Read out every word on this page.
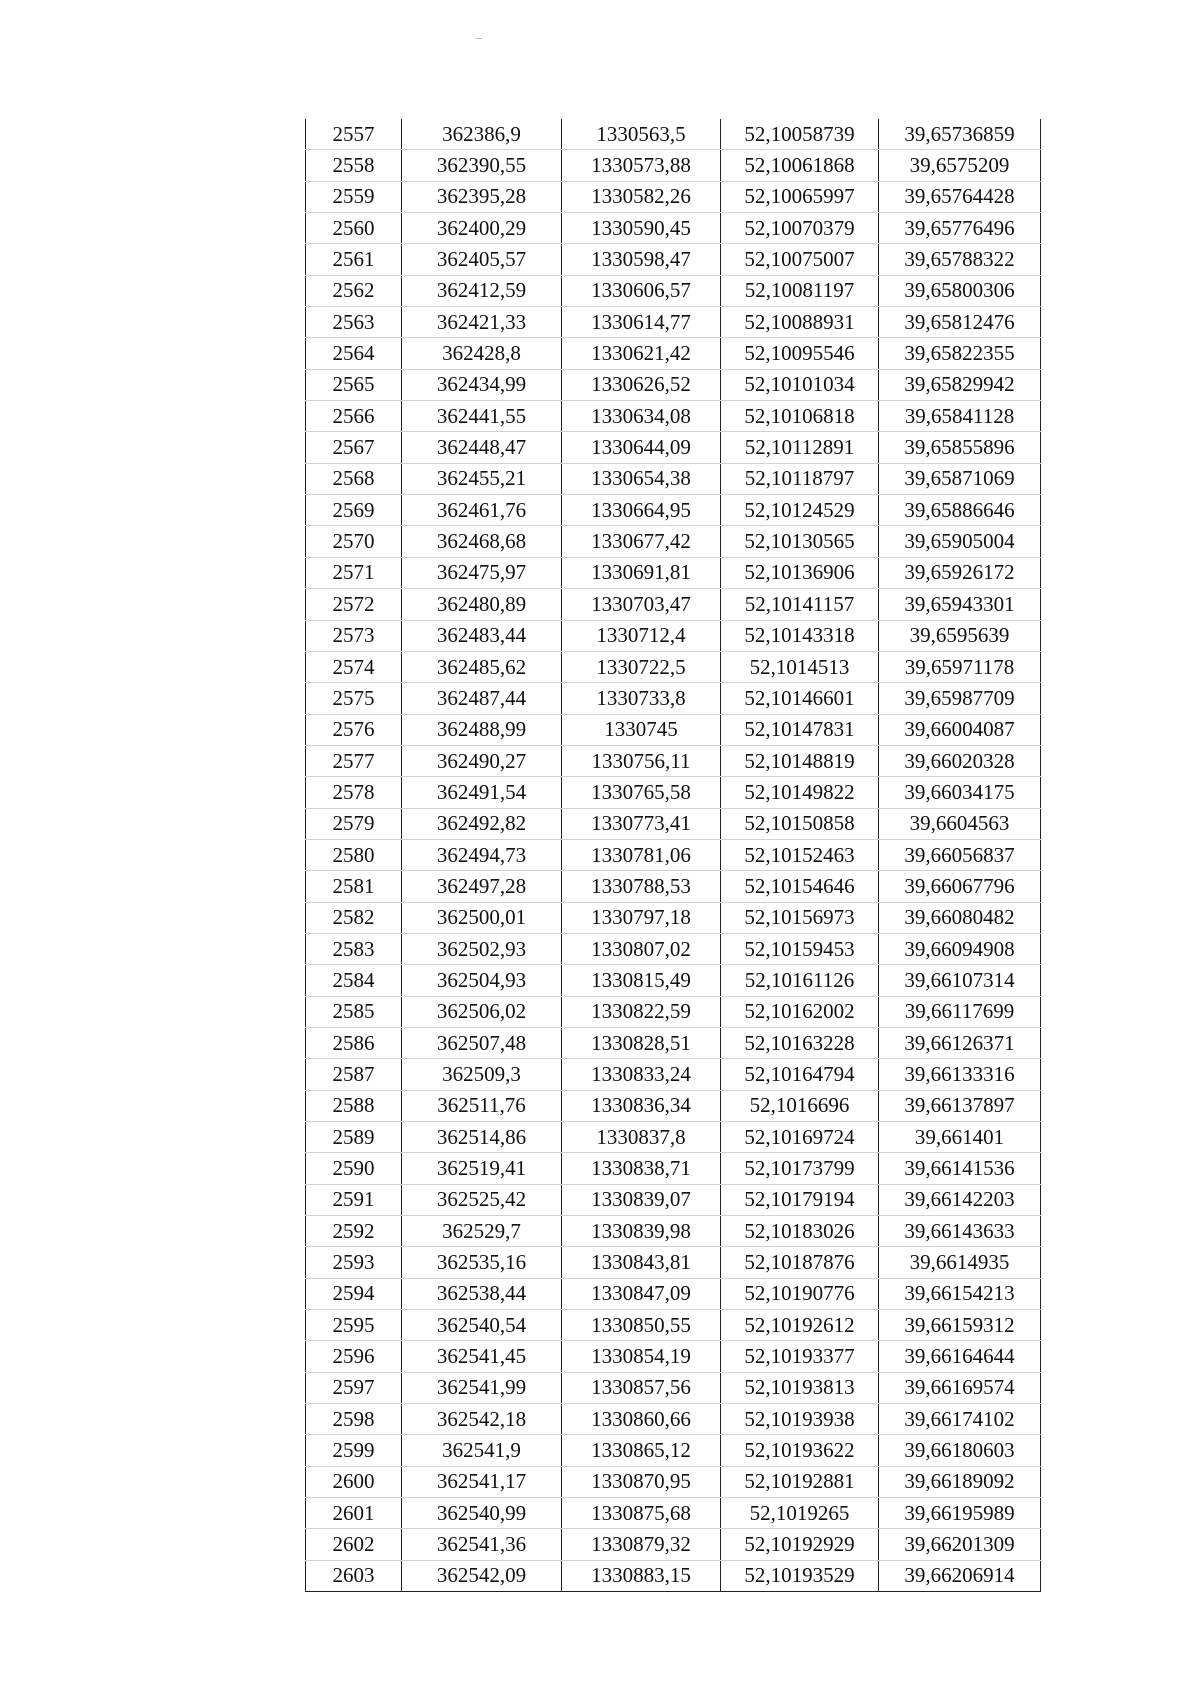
2557	362386,9	1330563,5	52,10058739	39,65736859
2558	362390,55	1330573,88	52,10061868	39,6575209
2559	362395,28	1330582,26	52,10065997	39,65764428
2560	362400,29	1330590,45	52,10070379	39,65776496
2561	362405,57	1330598,47	52,10075007	39,65788322
2562	362412,59	1330606,57	52,10081197	39,65800306
2563	362421,33	1330614,77	52,10088931	39,65812476
2564	362428,8	1330621,42	52,10095546	39,65822355
2565	362434,99	1330626,52	52,10101034	39,65829942
2566	362441,55	1330634,08	52,10106818	39,65841128
2567	362448,47	1330644,09	52,10112891	39,65855896
2568	362455,21	1330654,38	52,10118797	39,65871069
2569	362461,76	1330664,95	52,10124529	39,65886646
2570	362468,68	1330677,42	52,10130565	39,65905004
2571	362475,97	1330691,81	52,10136906	39,65926172
2572	362480,89	1330703,47	52,10141157	39,65943301
2573	362483,44	1330712,4	52,10143318	39,6595639
2574	362485,62	1330722,5	52,1014513	39,65971178
2575	362487,44	1330733,8	52,10146601	39,65987709
2576	362488,99	1330745	52,10147831	39,66004087
2577	362490,27	1330756,11	52,10148819	39,66020328
2578	362491,54	1330765,58	52,10149822	39,66034175
2579	362492,82	1330773,41	52,10150858	39,6604563
2580	362494,73	1330781,06	52,10152463	39,66056837
2581	362497,28	1330788,53	52,10154646	39,66067796
2582	362500,01	1330797,18	52,10156973	39,66080482
2583	362502,93	1330807,02	52,10159453	39,66094908
2584	362504,93	1330815,49	52,10161126	39,66107314
2585	362506,02	1330822,59	52,10162002	39,66117699
2586	362507,48	1330828,51	52,10163228	39,66126371
2587	362509,3	1330833,24	52,10164794	39,66133316
2588	362511,76	1330836,34	52,1016696	39,66137897
2589	362514,86	1330837,8	52,10169724	39,661401
2590	362519,41	1330838,71	52,10173799	39,66141536
2591	362525,42	1330839,07	52,10179194	39,66142203
2592	362529,7	1330839,98	52,10183026	39,66143633
2593	362535,16	1330843,81	52,10187876	39,6614935
2594	362538,44	1330847,09	52,10190776	39,66154213
2595	362540,54	1330850,55	52,10192612	39,66159312
2596	362541,45	1330854,19	52,10193377	39,66164644
2597	362541,99	1330857,56	52,10193813	39,66169574
2598	362542,18	1330860,66	52,10193938	39,66174102
2599	362541,9	1330865,12	52,10193622	39,66180603
2600	362541,17	1330870,95	52,10192881	39,66189092
2601	362540,99	1330875,68	52,1019265	39,66195989
2602	362541,36	1330879,32	52,10192929	39,66201309
2603	362542,09	1330883,15	52,10193529	39,66206914
